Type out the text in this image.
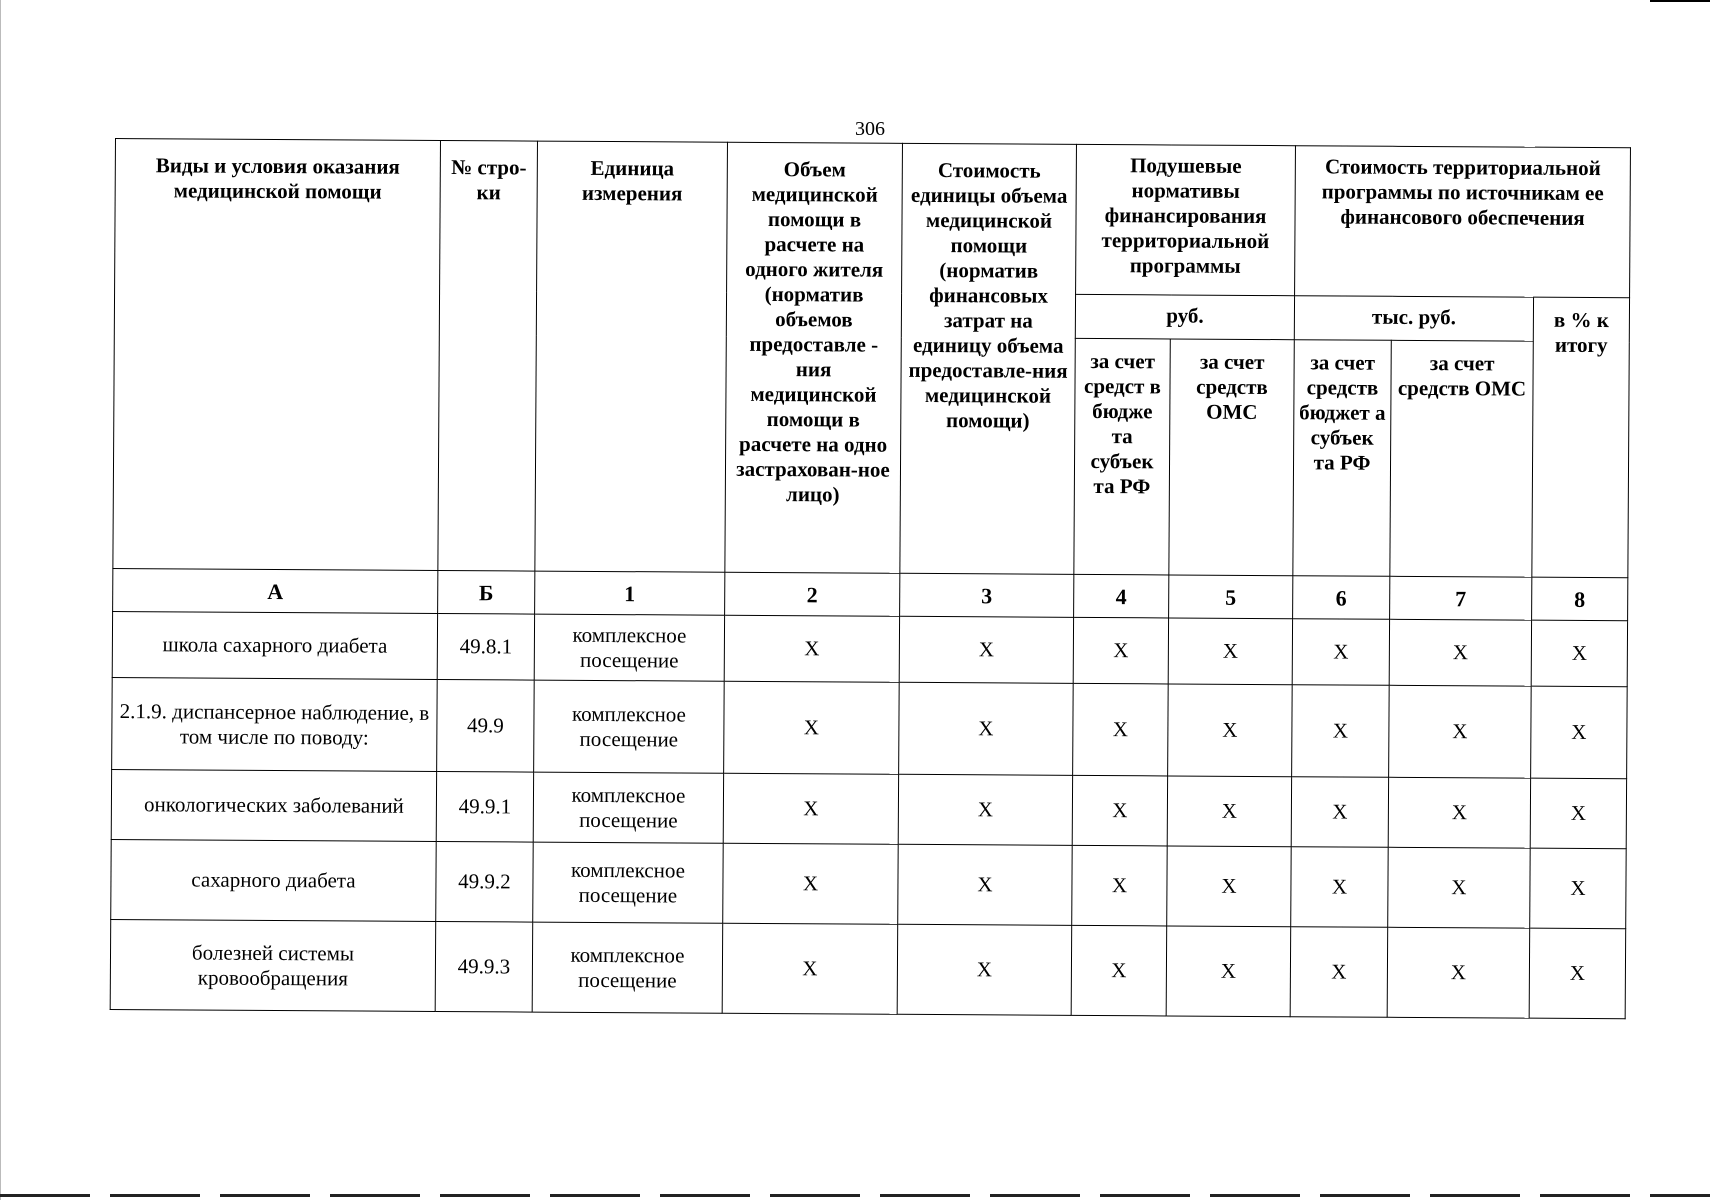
306
Виды и условия оказания медицинской помощи	№ стро-ки	Единица измерения	Объем медицинской помощи в расчете на одного жителя (норматив объемов предоставле - ния медицинской помощи в расчете на одно застрахован-ное лицо)	Стоимость единицы объема медицинской помощи (норматив финансовых затрат на единицу объема предоставле-ния медицинской помощи)	Подушевые нормативы финансирования территориальной программы		Стоимость территориальной программы по источникам ее финансового обеспечения		
					руб.		тыс. руб.		в % к итогу
					за счет средст в бюдже та субъек та РФ	за счет средств ОМС	за счет средств бюджет а субъек та РФ	за счет средств ОМС	
А	Б	1	2	3	4	5	6	7	8
школа сахарного диабета	49.8.1	комплексное посещение	X	X	X	X	X	X	X
2.1.9. диспансерное наблюдение, в том числе по поводу:	49.9	комплексное посещение	X	X	X	X	X	X	X
онкологических заболеваний	49.9.1	комплексное посещение	X	X	X	X	X	X	X
сахарного диабета	49.9.2	комплексное посещение	X	X	X	X	X	X	X
болезней системы кровообращения	49.9.3	комплексное посещение	X	X	X	X	X	X	X
